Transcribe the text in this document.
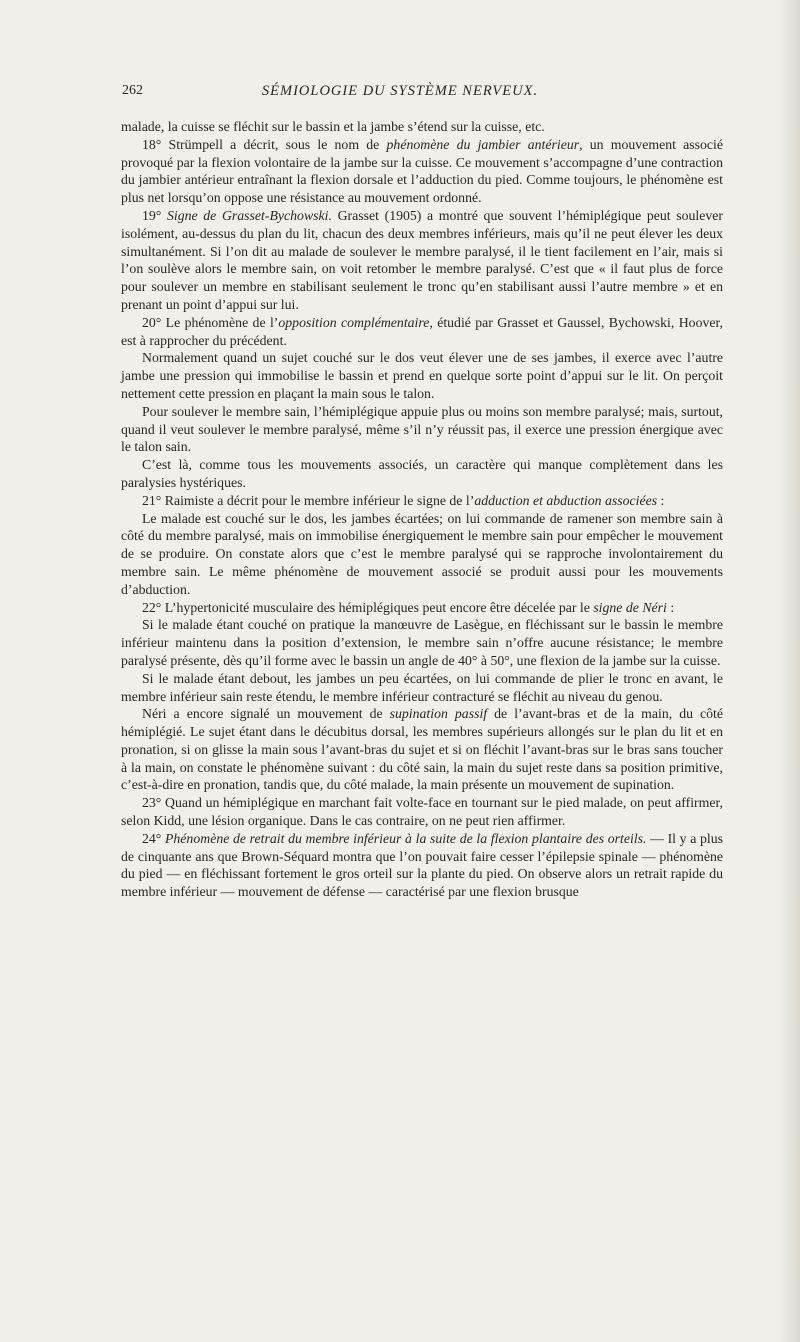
262	SÉMIOLOGIE DU SYSTÈME NERVEUX.

malade, la cuisse se fléchit sur le bassin et la jambe s’étend sur la cuisse, etc.

18° Strümpell a décrit, sous le nom de phénomène du jambier antérieur, un mouvement associé provoqué par la flexion volontaire de la jambe sur la cuisse. Ce mouvement s’accompagne d’une contraction du jambier antérieur entraînant la flexion dorsale et l’adduction du pied. Comme toujours, le phénomène est plus net lorsqu’on oppose une résistance au mouvement ordonné.

19° Signe de Grasset-Bychowski. Grasset (1905) a montré que souvent l’hémiplégique peut soulever isolément, au-dessus du plan du lit, chacun des deux membres inférieurs, mais qu’il ne peut élever les deux simultanément. Si l’on dit au malade de soulever le membre paralysé, il le tient facilement en l’air, mais si l’on soulève alors le membre sain, on voit retomber le membre paralysé. C’est que « il faut plus de force pour soulever un membre en stabilisant seulement le tronc qu’en stabilisant aussi l’autre membre » et en prenant un point d’appui sur lui.

20° Le phénomène de l’opposition complémentaire, étudié par Grasset et Gaussel, Bychowski, Hoover, est à rapprocher du précédent.

Normalement quand un sujet couché sur le dos veut élever une de ses jambes, il exerce avec l’autre jambe une pression qui immobilise le bassin et prend en quelque sorte point d’appui sur le lit. On perçoit nettement cette pression en plaçant la main sous le talon.

Pour soulever le membre sain, l’hémiplégique appuie plus ou moins son membre paralysé; mais, surtout, quand il veut soulever le membre paralysé, même s’il n’y réussit pas, il exerce une pression énergique avec le talon sain.

C’est là, comme tous les mouvements associés, un caractère qui manque complètement dans les paralysies hystériques.

21° Raimiste a décrit pour le membre inférieur le signe de l’adduction et abduction associées :

Le malade est couché sur le dos, les jambes écartées; on lui commande de ramener son membre sain à côté du membre paralysé, mais on immobilise énergiquement le membre sain pour empêcher le mouvement de se produire. On constate alors que c’est le membre paralysé qui se rapproche involontairement du membre sain. Le même phénomène de mouvement associé se produit aussi pour les mouvements d’abduction.

22° L’hypertonicité musculaire des hémiplégiques peut encore être décelée par le signe de Néri :

Si le malade étant couché on pratique la manœuvre de Lasègue, en fléchissant sur le bassin le membre inférieur maintenu dans la position d’extension, le membre sain n’offre aucune résistance; le membre paralysé présente, dès qu’il forme avec le bassin un angle de 40° à 50°, une flexion de la jambe sur la cuisse.

Si le malade étant debout, les jambes un peu écartées, on lui commande de plier le tronc en avant, le membre inférieur sain reste étendu, le membre inférieur contracturé se fléchit au niveau du genou.

Néri a encore signalé un mouvement de supination passif de l’avant-bras et de la main, du côté hémiplégié. Le sujet étant dans le décubitus dorsal, les membres supérieurs allongés sur le plan du lit et en pronation, si on glisse la main sous l’avant-bras du sujet et si on fléchit l’avant-bras sur le bras sans toucher à la main, on constate le phénomène suivant : du côté sain, la main du sujet reste dans sa position primitive, c’est-à-dire en pronation, tandis que, du côté malade, la main présente un mouvement de supination.

23° Quand un hémiplégique en marchant fait volte-face en tournant sur le pied malade, on peut affirmer, selon Kidd, une lésion organique. Dans le cas contraire, on ne peut rien affirmer.

24° Phénomène de retrait du membre inférieur à la suite de la flexion plantaire des orteils. — Il y a plus de cinquante ans que Brown-Séquard montra que l’on pouvait faire cesser l’épilepsie spinale — phénomène du pied — en fléchissant fortement le gros orteil sur la plante du pied. On observe alors un retrait rapide du membre inférieur — mouvement de défense — caractérisé par une flexion brusque
